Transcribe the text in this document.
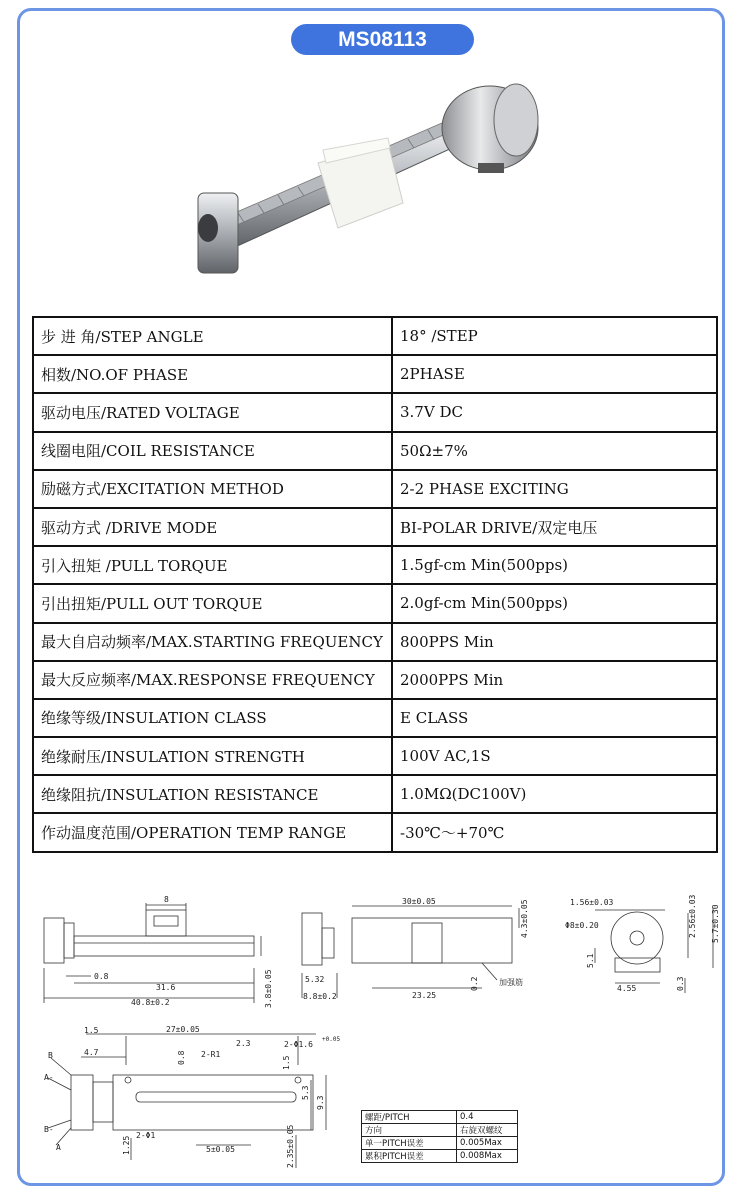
MS08113
步 进 角/STEP ANGLE	18° /STEP
相数/NO.OF PHASE	2PHASE
驱动电压/RATED VOLTAGE	3.7V DC
线圈电阻/COIL RESISTANCE	50Ω±7%
励磁方式/EXCITATION METHOD	2-2 PHASE EXCITING
驱动方式 /DRIVE MODE	BI-POLAR DRIVE/双定电压
引入扭矩 /PULL TORQUE	1.5gf-cm Min(500pps)
引出扭矩/PULL OUT TORQUE	2.0gf-cm Min(500pps)
最大自启动频率/MAX.STARTING FREQUENCY	800PPS Min
最大反应频率/MAX.RESPONSE FREQUENCY	2000PPS Min
绝缘等级/INSULATION CLASS	E CLASS
绝缘耐压/INSULATION STRENGTH	100V AC,1S
绝缘阻抗/INSULATION RESISTANCE	1.0MΩ(DC100V)
作动温度范围/OPERATION TEMP RANGE	-30℃～+70℃
8
0.8
31.6
40.8±0.2	3.8±0.05
30±0.05	4.3±0.05
5.32
8.8±0.2
0.2	加强筋
23.25
1.56±0.03
Φ8±0.20	2.56±0.03 5.7±0.30
5.1
4.55	0.3
1.5	27±0.05
4.7	0.8
2.3
2-R1
2-Φ1.6
+0.05
1.5
5.3
9.3
2-Φ1
1.25	5±0.05	2.35±0.05
B
A-
B-
A
螺距/PITCH	0.4
方向	右旋双螺纹
单一PITCH误差	0.005Max
累积PITCH误差	0.008Max
